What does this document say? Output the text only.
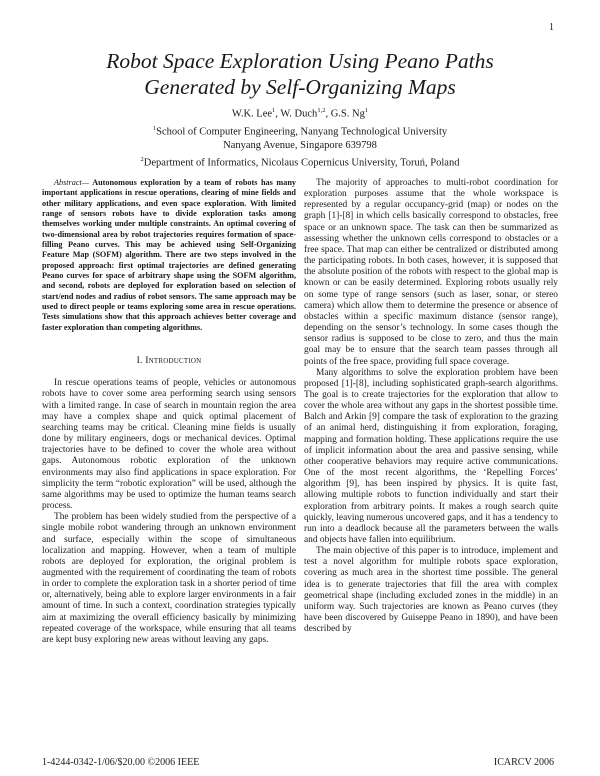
1
Robot Space Exploration Using Peano Paths
Generated by Self-Organizing Maps
W.K. Lee$^1$, W. Duch$^{1,2}$, G.S. Ng$^1$
$^1$School of Computer Engineering, Nanyang Technological University
Nanyang Avenue, Singapore 639798
$^2$Department of Informatics, Nicolaus Copernicus University, Toruń, Poland

Abstract— Autonomous exploration by a team of robots has many important applications in rescue operations, clearing of mine fields and other military applications, and even space exploration. With limited range of sensors robots have to divide exploration tasks among themselves working under multiple constraints. An optimal covering of two-dimensional area by robot trajectories requires formation of space-filling Peano curves. This may be achieved using Self-Organizing Feature Map (SOFM) algorithm. There are two steps involved in the proposed approach: first optimal trajectories are defined generating Peano curves for space of arbitrary shape using the SOFM algorithm, and second, robots are deployed for exploration based on selection of start/end nodes and radius of robot sensors. The same approach may be used to direct people or teams exploring some area in rescue operations. Tests simulations show that this approach achieves better coverage and faster exploration than competing algorithms.

I. Introduction

In rescue operations teams of people, vehicles or autonomous robots have to cover some area performing search using sensors with a limited range. In case of search in mountain region the area may have a complex shape and quick optimal placement of searching teams may be critical. Cleaning mine fields is usually done by military engineers, dogs or mechanical devices. Optimal trajectories have to be defined to cover the whole area without gaps. Autonomous robotic exploration of the unknown environments may also find applications in space exploration. For simplicity the term “robotic exploration” will be used, although the same algorithms may be used to optimize the human teams search process.

The problem has been widely studied from the perspective of a single mobile robot wandering through an unknown environment and surface, especially within the scope of simultaneous localization and mapping. However, when a team of multiple robots are deployed for exploration, the original problem is augmented with the requirement of coordinating the team of robots in order to complete the exploration task in a shorter period of time or, alternatively, being able to explore larger environments in a fair amount of time. In such a context, coordination strategies typically aim at maximizing the overall efficiency basically by minimizing repeated coverage of the workspace, while ensuring that all teams are kept busy exploring new areas without leaving any gaps.

The majority of approaches to multi-robot coordination for exploration purposes assume that the whole workspace is represented by a regular occupancy-grid (map) or nodes on the graph [1]-[8] in which cells basically correspond to obstacles, free space or an unknown space. The task can then be summarized as assessing whether the unknown cells correspond to obstacles or a free space. That map can either be centralized or distributed among the participating robots. In both cases, however, it is supposed that the absolute position of the robots with respect to the global map is known or can be easily determined. Exploring robots usually rely on some type of range sensors (such as laser, sonar, or stereo camera) which allow them to determine the presence or absence of obstacles within a specific maximum distance (sensor range), depending on the sensor’s technology. In some cases though the sensor radius is supposed to be close to zero, and thus the main goal may be to ensure that the search team passes through all points of the free space, providing full space coverage.

Many algorithms to solve the exploration problem have been proposed [1]-[8], including sophisticated graph-search algorithms. The goal is to create trajectories for the exploration that allow to cover the whole area without any gaps in the shortest possible time. Balch and Arkin [9] compare the task of exploration to the grazing of an animal herd, distinguishing it from exploration, foraging, mapping and formation holding. These applications require the use of implicit information about the area and passive sensing, while other cooperative behaviors may require active communications. One of the most recent algorithms, the ‘Repelling Forces’ algorithm [9], has been inspired by physics. It is quite fast, allowing multiple robots to function individually and start their exploration from arbitrary points. It makes a rough search quite quickly, leaving numerous uncovered gaps, and it has a tendency to run into a deadlock because all the parameters between the walls and objects have fallen into equilibrium.

The main objective of this paper is to introduce, implement and test a novel algorithm for multiple robots space exploration, covering as much area in the shortest time possible. The general idea is to generate trajectories that fill the area with complex geometrical shape (including excluded zones in the middle) in an uniform way. Such trajectories are known as Peano curves (they have been discovered by Guiseppe Peano in 1890), and have been described by

1-4244-0342-1/06/$20.00 ©2006 IEEE	ICARCV 2006
